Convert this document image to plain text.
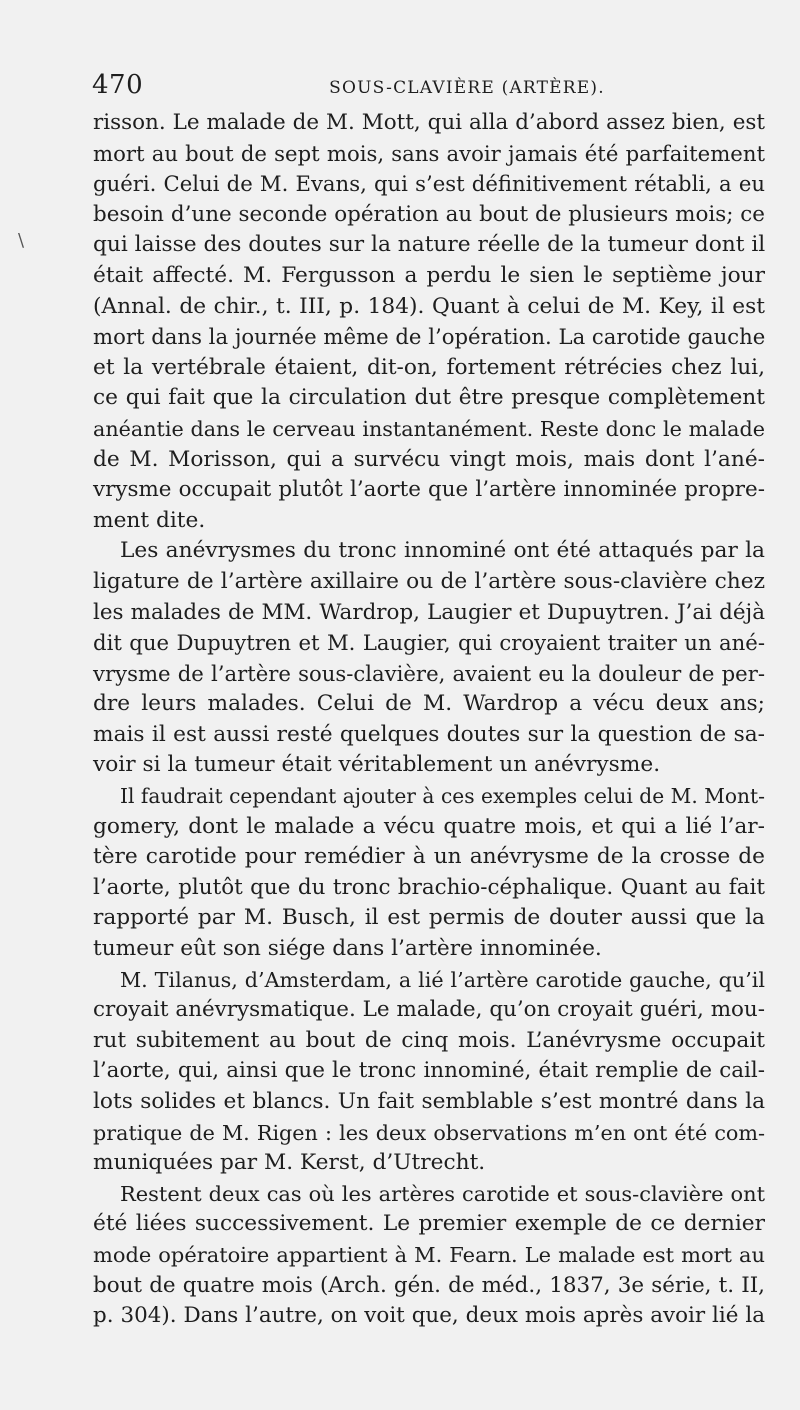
470	SOUS-CLAVIÈRE (ARTÈRE).
\
risson. Le malade de M. Mott, qui alla d’abord assez bien, est
mort au bout de sept mois, sans avoir jamais été parfaitement
guéri. Celui de M. Evans, qui s’est définitivement rétabli, a eu
besoin d’une seconde opération au bout de plusieurs mois; ce
qui laisse des doutes sur la nature réelle de la tumeur dont il
était affecté. M. Fergusson a perdu le sien le septième jour
(Annal. de chir., t. III, p. 184). Quant à celui de M. Key, il est
mort dans la journée même de l’opération. La carotide gauche
et la vertébrale étaient, dit-on, fortement rétrécies chez lui,
ce qui fait que la circulation dut être presque complètement
anéantie dans le cerveau instantanément. Reste donc le malade
de M. Morisson, qui a survécu vingt mois, mais dont l’ané-
vrysme occupait plutôt l’aorte que l’artère innominée propre-
ment dite.
Les anévrysmes du tronc innominé ont été attaqués par la
ligature de l’artère axillaire ou de l’artère sous-clavière chez
les malades de MM. Wardrop, Laugier et Dupuytren. J’ai déjà
dit que Dupuytren et M. Laugier, qui croyaient traiter un ané-
vrysme de l’artère sous-clavière, avaient eu la douleur de per-
dre leurs malades. Celui de M. Wardrop a vécu deux ans;
mais il est aussi resté quelques doutes sur la question de sa-
voir si la tumeur était véritablement un anévrysme.
Il faudrait cependant ajouter à ces exemples celui de M. Mont-
gomery, dont le malade a vécu quatre mois, et qui a lié l’ar-
tère carotide pour remédier à un anévrysme de la crosse de
l’aorte, plutôt que du tronc brachio-céphalique. Quant au fait
rapporté par M. Busch, il est permis de douter aussi que la
tumeur eût son siége dans l’artère innominée.
M. Tilanus, d’Amsterdam, a lié l’artère carotide gauche, qu’il
croyait anévrysmatique. Le malade, qu’on croyait guéri, mou-
rut subitement au bout de cinq mois. L’anévrysme occupait
l’aorte, qui, ainsi que le tronc innominé, était remplie de cail-
lots solides et blancs. Un fait semblable s’est montré dans la
pratique de M. Rigen : les deux observations m’en ont été com-
muniquées par M. Kerst, d’Utrecht.
Restent deux cas où les artères carotide et sous-clavière ont
été liées successivement. Le premier exemple de ce dernier
mode opératoire appartient à M. Fearn. Le malade est mort au
bout de quatre mois (Arch. gén. de méd., 1837, 3e série, t. II,
p. 304). Dans l’autre, on voit que, deux mois après avoir lié la
